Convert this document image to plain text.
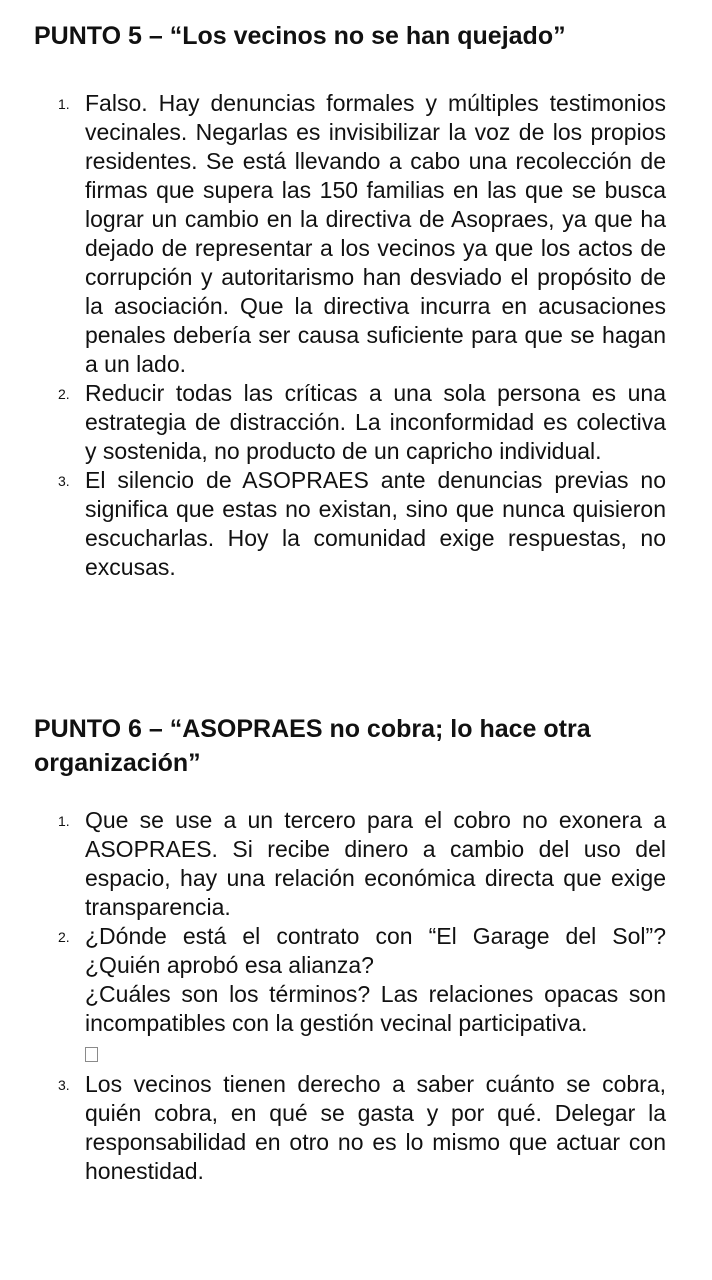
PUNTO 5 – “Los vecinos no se han quejado”
1. Falso. Hay denuncias formales y múltiples testimonios vecinales. Negarlas es invisibilizar la voz de los propios residentes. Se está llevando a cabo una recolección de firmas que supera las 150 familias en las que se busca lograr un cambio en la directiva de Asopraes, ya que ha dejado de representar a los vecinos ya que los actos de corrupción y autoritarismo han desviado el propósito de la asociación. Que la directiva incurra en acusaciones penales debería ser causa suficiente para que se hagan a un lado.
2. Reducir todas las críticas a una sola persona es una estrategia de distracción. La inconformidad es colectiva y sostenida, no producto de un capricho individual.
3. El silencio de ASOPRAES ante denuncias previas no significa que estas no existan, sino que nunca quisieron escucharlas. Hoy la comunidad exige respuestas, no excusas.
PUNTO 6 – “ASOPRAES no cobra; lo hace otra organización”
1. Que se use a un tercero para el cobro no exonera a ASOPRAES. Si recibe dinero a cambio del uso del espacio, hay una relación económica directa que exige transparencia.
2. ¿Dónde está el contrato con “El Garage del Sol”? ¿Quién aprobó esa alianza?
¿Cuáles son los términos? Las relaciones opacas son incompatibles con la gestión vecinal participativa.
3. Los vecinos tienen derecho a saber cuánto se cobra, quién cobra, en qué se gasta y por qué. Delegar la responsabilidad en otro no es lo mismo que actuar con honestidad.
